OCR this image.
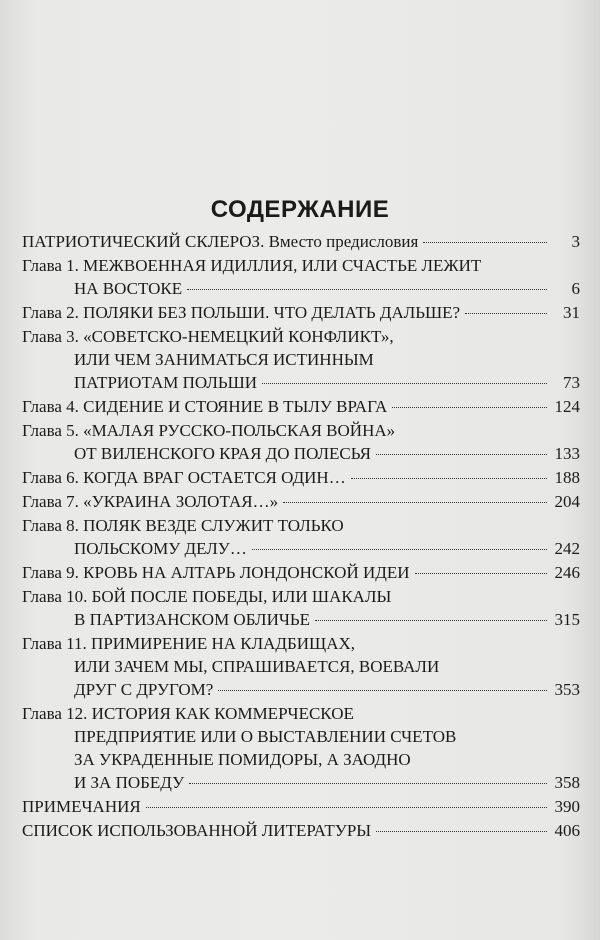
СОДЕРЖАНИЕ
ПАТРИОТИЧЕСКИЙ СКЛЕРОЗ. Вместо предисловия	3
Глава 1. МЕЖВОЕННАЯ ИДИЛЛИЯ, ИЛИ СЧАСТЬЕ ЛЕЖИТ
НА ВОСТОКЕ	6
Глава 2. ПОЛЯКИ БЕЗ ПОЛЬШИ. ЧТО ДЕЛАТЬ ДАЛЬШЕ?	31
Глава 3. «СОВЕТСКО-НЕМЕЦКИЙ КОНФЛИКТ»,
ИЛИ ЧЕМ ЗАНИМАТЬСЯ ИСТИННЫМ
ПАТРИОТАМ ПОЛЬШИ	73
Глава 4. СИДЕНИЕ И СТОЯНИЕ В ТЫЛУ ВРАГА	124
Глава 5. «МАЛАЯ РУССКО-ПОЛЬСКАЯ ВОЙНА»
ОТ ВИЛЕНСКОГО КРАЯ ДО ПОЛЕСЬЯ	133
Глава 6. КОГДА ВРАГ ОСТАЕТСЯ ОДИН…	188
Глава 7. «УКРАИНА ЗОЛОТАЯ…»	204
Глава 8. ПОЛЯК ВЕЗДЕ СЛУЖИТ ТОЛЬКО
ПОЛЬСКОМУ ДЕЛУ…	242
Глава 9. КРОВЬ НА АЛТАРЬ ЛОНДОНСКОЙ ИДЕИ	246
Глава 10. БОЙ ПОСЛЕ ПОБЕДЫ, ИЛИ ШАКАЛЫ
В ПАРТИЗАНСКОМ ОБЛИЧЬЕ	315
Глава 11. ПРИМИРЕНИЕ НА КЛАДБИЩАХ,
ИЛИ ЗАЧЕМ МЫ, СПРАШИВАЕТСЯ, ВОЕВАЛИ
ДРУГ С ДРУГОМ?	353
Глава 12. ИСТОРИЯ КАК КОММЕРЧЕСКОЕ
ПРЕДПРИЯТИЕ ИЛИ О ВЫСТАВЛЕНИИ СЧЕТОВ
ЗА УКРАДЕННЫЕ ПОМИДОРЫ, А ЗАОДНО
И ЗА ПОБЕДУ	358
ПРИМЕЧАНИЯ	390
СПИСОК ИСПОЛЬЗОВАННОЙ ЛИТЕРАТУРЫ	406
